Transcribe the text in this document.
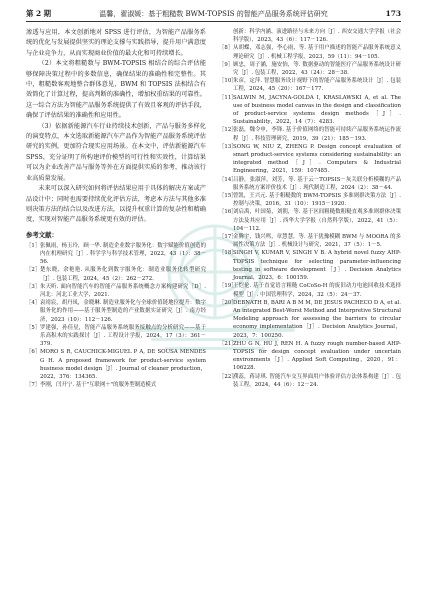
第 2 期	温馨，翟淑媛：基于粗糙数 BWM-TOPSIS 的智能产品服务系统评估研究	173

渗透与应用，本文创新地对 SPSS 进行评估，为智能产品服务系统的优化与发展提供坚实的理论支撑与实践指导，提升用户满意度与企业竞争力，从而实现商业价值的最大化和可持续增长。

（2）本文将粗糙数与 BWM-TOPSIS 相结合的综合评估能够保障决策过程中的多数信息，确保结果的准确性和完整性。其中，粗糙数客观地整合群体意见，BWM 和 TOPSIS 法相结合有效简化了计算过程，提高判断的准确性，增加权重结果的可靠性。这一综合方法为智能产品服务系统提供了有效且客观的评估手段，确保了评估结果的准确性和应用性。

（3）依据新能源汽车行业持续技术创新，产品与服务多样化的演变特点，本文选取新能源汽车产品作为智能产品服务系统评估研究的实例，更加符合现实应用场景。在本文中，评估新能源汽车 SPSS，充分证明了所构建评价模型的可行性和实效性，计算结果可以为企业改善产品与服务等外在方面提供实质的参考，推动该行业高质量发展。

未来可以深入研究如何将评估结果应用于具体的解决方案或产品设计中；同时也需要持续优化评估方法，考虑本方法与其他多准则决策方法的结合以及改进方法，以提升权重计算的复杂性和精确度，实现对智能产品服务系统更有效的评估。

参考文献：

［1］ 张佩雨，杨玉玲，顾一华. 制造企业数字服务化：数字赋能价值创造的内在机理研究［J］. 科学学与科学技术管理，2022，43（1）：38－56.

［2］ 楚东晓，余艳艳. 从服务化到数字服务化：制造业服务化转型研究［J］. 包装工程，2024，45（2）：262－272.

［3］ 朱天昕. 面向智能汽车的智能产品服务系统概念方案构建研究［D］. 河北：河北工业大学，2021.

［4］ 袁靖宸，胡丹凤，金晓琳. 制造业服务化与全球价值链地位提升：数字服务化的作用——基于服务型制造的产业数据实证研究［J］. 南方经济，2023（10）：112－126.

［5］ 罗建强，孙佳星，智能产品服务系统服务接触点的分析研究——基于乐高积木的实践探讨［J］. 工程设计学报，2024，17（3）：361－379.

［6］ MORO S R, CAUCHICK-MIGUEL P A, DE SOUSA MENDES G H. A proposed framework for product-service system business model design［J］. Journal of cleaner production，2022，376：134365.

［7］ 李刚，闫开宁. 基于"互联网＋"的服务型制造模式

创新：科学内涵、演进路径与未来方向［J］. 西安交通大学学报（社会科学版），2023，43（6）：117－126.

［8］ 从胡蝶，邓志强，李心雨，等. 基于用户描述的智能产品服务系统意义理论研究［J］. 机械工程学报，2023，59（11）：94－105.

［9］ 顾忠，周子涵，施安怡，等. 数据驱动的智能医疗产品服务系统设计研究［J］. 包装工程，2022，43（24）：28－38.

［10］
朱彦，定萍. 智慧服务设计视野下的智能产品服务系统设计［J］. 包装工程，2024，45（20）：167－177.

［11］
SALWIN M, JACYNA-GOLDA I, KRASLAWSKI A, et al. The use of business model canvas in the design and classification of product-service systems design methods［J］. Sustainability，2022，14（7）：4283.

［12］
张磊，魏令申，李锋. 基于价值网络的智能可持续产品服务系统运作流程［J］. 科技管理研究，2019，39（21）：185－193.

［13］
SONG W, NIU Z, ZHENG P. Design concept evaluation of smart product-service systems considering sustainability: an integrated method［J］. Computers & Industrial Engineering，2021，159：107485.

［14］
吕静，张淑萍，刘芳，等. 基于云－TOPSIS－灰关联分析模糊的产品服务系统方案评价技术［J］. 现代制造工程，2024（2）：38－44.

［15］
曾凯，王兴元. 基于粗糙数的 BWM-TOPSIS 多准则群决策方法［J］. 控制与决策，2016，31（10）：1915－1920.

［16］
刘启禹，叶国菊，刘朝，等. 基于区间粗糙数粗糙直观多准则群体决策方法及其应用［J］. 西华大学学报（自然科学版），2022，41（5）：104－112.

［17］
金腾宇，钱兴鸣，章慧慧，等. 基于犹豫模糊 BWM 与 MOORA 的多属性决策方法［J］. 机械设计与研究，2021，37（5）：1－5.

［18］
SINGH V, KUMAR V, SINGH V B. A hybrid novel fuzzy AHP-TOPSIS technique for selecting parameter-influencing testing in software development［J］. Decision Analytics Journal，2023，6：100159.

［19］
王恺伦. 基于直觉语言粗糙 CoCoSo-H 的废旧动力电池回收技术选择模型［J］. 中国管理科学，2024，32（5）：24－37.

［20］
DEBNATH B, BARI A B M M, DE JESUS PACHECO D A, et al. An integrated Best-Worst Method and Interpretive Structural Modeling approach for assessing the barriers to circular economy implementation［J］. Decision Analytics Journal，2023，7：100250.

［21］
ZHU G N, HU J, REN H. A fuzzy rough number-based AHP-TOPSIS for design concept evaluation under uncertain environments［J］. Applied Soft Computing，2020，91：106228.

［22］
濮蕊，蒋诗琪. 智能汽车交互界面用户体验评估方法体系构建［J］. 包装工程，2024，44（6）：12－24.
